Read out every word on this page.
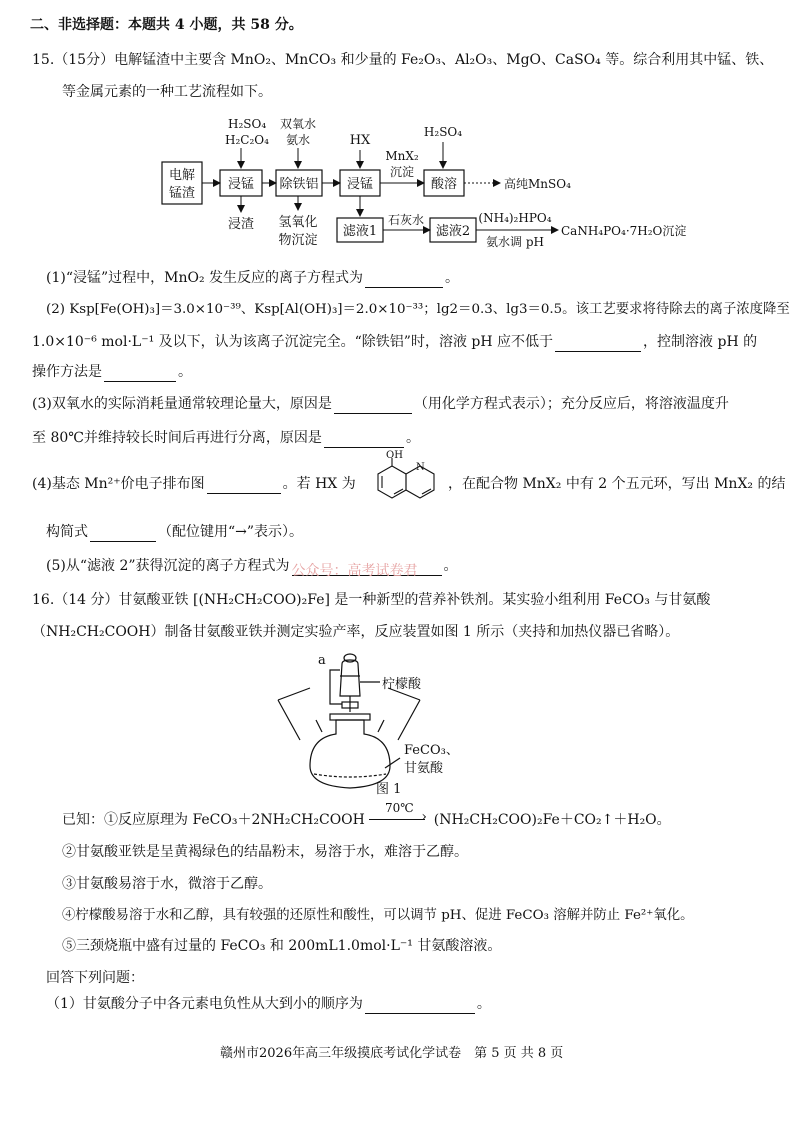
二、非选择题：本题共 4 小题，共 58 分。
15.（15分）电解锰渣中主要含 MnO₂、MnCO₃ 和少量的 Fe₂O₃、Al₂O₃、MgO、CaSO₄ 等。综合利用其中锰、铁、
等金属元素的一种工艺流程如下。
电解
锰渣
H₂SO₄
H₂C₂O₄
浸锰
浸渣
双氧水
氨水
除铁铝
氢氧化
物沉淀
HX
浸锰
MnX₂
沉淀
H₂SO₄
酸溶	高纯MnSO₄
滤液1
石灰水
滤液2
(NH₄)₂HPO₄
氨水调 pH
CaNH₄PO₄·7H₂O沉淀
(1)“浸锰”过程中，MnO₂ 发生反应的离子方程式为	。
(2) Ksp[Fe(OH)₃]＝3.0×10⁻³⁹、Ksp[Al(OH)₃]＝2.0×10⁻³³；lg2＝0.3、lg3＝0.5。该工艺要求将待除去的离子浓度降至
1.0×10⁻⁶ mol·L⁻¹ 及以下，认为该离子沉淀完全。“除铁铝”时，溶液 pH 应不低于	，控制溶液 pH 的
操作方法是	。
(3)双氧水的实际消耗量通常较理论量大，原因是	（用化学方程式表示）；充分反应后，将溶液温度升
至 80℃并维持较长时间后再进行分离，原因是	。
(4)基态 Mn²⁺价电子排布图	。若 HX 为
OH
N
，在配合物 MnX₂ 中有 2 个五元环，写出 MnX₂ 的结
构简式	（配位键用“→”表示）。
(5)从“滤液 2”获得沉淀的离子方程式为 公众号：高考试卷君 。
16.（14 分）甘氨酸亚铁 [(NH₂CH₂COO)₂Fe] 是一种新型的营养补铁剂。某实验小组利用 FeCO₃ 与甘氨酸
（NH₂CH₂COOH）制备甘氨酸亚铁并测定实验产率，反应装置如图 1 所示（夹持和加热仪器已省略）。
a
柠檬酸
FeCO₃、
甘氨酸
图 1
已知：①反应原理为 FeCO₃＋2NH₂CH₂COOH
70℃
› (NH₂CH₂COO)₂Fe＋CO₂↑＋H₂O。
②甘氨酸亚铁是呈黄褐绿色的结晶粉末，易溶于水，难溶于乙醇。
③甘氨酸易溶于水，微溶于乙醇。
④柠檬酸易溶于水和乙醇，具有较强的还原性和酸性，可以调节 pH、促进 FeCO₃ 溶解并防止 Fe²⁺氧化。
⑤三颈烧瓶中盛有过量的 FeCO₃ 和 200mL1.0mol·L⁻¹ 甘氨酸溶液。
回答下列问题：
（1）甘氨酸分子中各元素电负性从大到小的顺序为	。
赣州市2026年高三年级摸底考试化学试卷　第 5 页 共 8 页
